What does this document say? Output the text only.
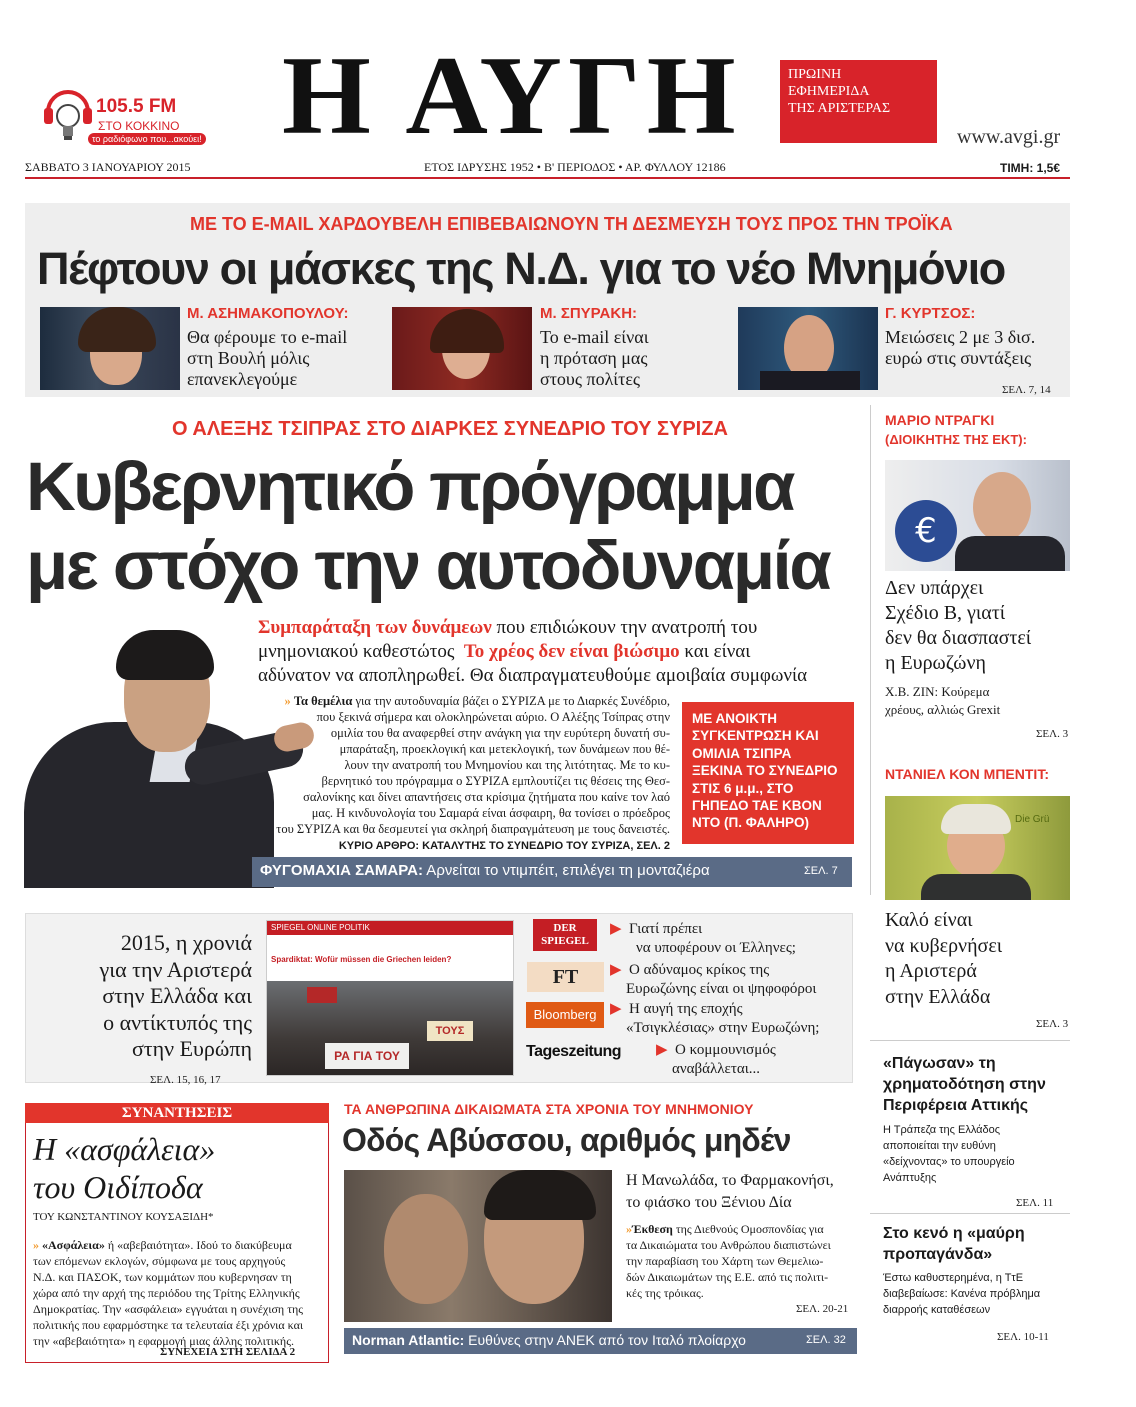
105.5 FM
ΣΤΟ ΚΟΚΚΙΝΟ
το ραδιόφωνο που...ακούει! Η ΑΥΓΗ	ΠΡΩΙΝΗ
ΕΦΗΜΕΡΙΔΑ
ΤΗΣ ΑΡΙΣΤΕΡΑΣ
www.avgi.gr
ΣΑΒΒΑΤΟ 3 ΙΑΝΟΥΑΡΙΟΥ 2015	ΕΤΟΣ ΙΔΡΥΣΗΣ 1952 • Β' ΠΕΡΙΟΔΟΣ • ΑΡ. ΦΥΛΛΟΥ 12186	ΤΙΜΗ: 1,5€
ΜΕ ΤΟ E-MAIL ΧΑΡΔΟΥΒΕΛΗ ΕΠΙΒΕΒΑΙΩΝΟΥΝ ΤΗ ΔΕΣΜΕΥΣΗ ΤΟΥΣ ΠΡΟΣ ΤΗΝ ΤΡΟΪΚΑ
Πέφτουν οι μάσκες της Ν.Δ. για το νέο Μνημόνιο
Μ. ΑΣΗΜΑΚΟΠΟΥΛΟΥ:
Θα φέρουμε το e-mail
στη Βουλή μόλις
επανεκλεγούμε
Μ. ΣΠΥΡΑΚΗ:
Το e-mail είναι
η πρόταση μας
στους πολίτες
Γ. ΚΥΡΤΣΟΣ:
Μειώσεις 2 με 3 δισ.
ευρώ στις συντάξεις
ΣΕΛ. 7, 14
Ο ΑΛΕΞΗΣ ΤΣΙΠΡΑΣ ΣΤΟ ΔΙΑΡΚΕΣ ΣΥΝΕΔΡΙΟ ΤΟΥ ΣΥΡΙΖΑ
Κυβερνητικό πρόγραμμα
με στόχο την αυτοδυναμία
Συμπαράταξη των δυνάμεων που επιδιώκουν την ανατροπή του
μνημονιακού καθεστώτος Το χρέος δεν είναι βιώσιμο και είναι
αδύνατον να αποπληρωθεί. Θα διαπραγματευθούμε αμοιβαία συμφωνία
» Τα θεμέλια για την αυτοδυναμία βάζει ο ΣΥΡΙΖΑ με το Διαρκές Συνέδριο,
που ξεκινά σήμερα και ολοκληρώνεται αύριο. Ο Αλέξης Τσίπρας στην
ομιλία του θα αναφερθεί στην ανάγκη για την ευρύτερη δυνατή συ-
μπαράταξη, προεκλογική και μετεκλογική, των δυνάμεων που θέ-
λουν την ανατροπή του Μνημονίου και της λιτότητας. Με το κυ-
βερνητικό του πρόγραμμα ο ΣΥΡΙΖΑ εμπλουτίζει τις θέσεις της Θεσ-
σαλονίκης και δίνει απαντήσεις στα κρίσιμα ζητήματα που καίνε τον λαό
μας. Η κινδυνολογία του Σαμαρά είναι άσφαιρη, θα τονίσει ο πρόεδρος
του ΣΥΡΙΖΑ και θα δεσμευτεί για σκληρή διαπραγμάτευση με τους δανειστές.
ΚΥΡΙΟ ΑΡΘΡΟ: ΚΑΤΑΛΥΤΗΣ ΤΟ ΣΥΝΕΔΡΙΟ ΤΟΥ ΣΥΡΙΖΑ, ΣΕΛ. 2
ΜΕ ΑΝΟΙΚΤΗ
ΣΥΓΚΕΝΤΡΩΣΗ ΚΑΙ
ΟΜΙΛΙΑ ΤΣΙΠΡΑ
ΞΕΚΙΝΑ ΤΟ ΣΥΝΕΔΡΙΟ
ΣΤΙΣ 6 μ.μ., ΣΤΟ
ΓΗΠΕΔΟ ΤΑΕ ΚΒΟΝ
ΝΤΟ (Π. ΦΑΛΗΡΟ)
ΦΥΓΟΜΑΧΙΑ ΣΑΜΑΡΑ: Αρνείται το ντιμπέιτ, επιλέγει τη μονταζιέρα	ΣΕΛ. 7
ΜΑΡΙΟ ΝΤΡΑΓΚΙ
(ΔΙΟΙΚΗΤΗΣ ΤΗΣ ΕΚΤ):
€
Δεν υπάρχει
Σχέδιο Β, γιατί
δεν θα διασπαστεί
η Ευρωζώνη
Χ.Β. ΖΙΝ: Κούρεμα
χρέους, αλλιώς Grexit
ΣΕΛ. 3
ΝΤΑΝΙΕΛ ΚΟΝ ΜΠΕΝΤΙΤ:
Die Grü
Καλό είναι
να κυβερνήσει
η Αριστερά
στην Ελλάδα
ΣΕΛ. 3
«Πάγωσαν» τη
χρηματοδότηση στην
Περιφέρεια Αττικής
Η Τράπεζα της Ελλάδος
αποποιείται την ευθύνη
«δείχνοντας» το υπουργείο
Ανάπτυξης
ΣΕΛ. 11
Στο κενό η «μαύρη
προπαγάνδα»
Έστω καθυστερημένα, η ΤτΕ
διαβεβαίωσε: Κανένα πρόβλημα
διαρροής καταθέσεων
ΣΕΛ. 10-11
2015, η χρονιά
για την Αριστερά
στην Ελλάδα και
ο αντίκτυπός της
στην Ευρώπη
ΣΕΛ. 15, 16, 17
SPIEGEL ONLINE POLITIK
Spardiktat: Wofür müssen die Griechen leiden?
ΡΑ ΓΙΑ ΤΟΥ
ΤΟΥΣ
DER SPIEGEL
FT
Bloomberg
Tageszeitung
▶ Γιατί πρέπει
να υποφέρουν οι Έλληνες;
▶ Ο αδύναμος κρίκος της
Ευρωζώνης είναι οι ψηφοφόροι
▶ Η αυγή της εποχής
«Τσιγκλέσιας» στην Ευρωζώνη;
▶ Ο κομμουνισμός
αναβάλλεται...
ΣΥΝΑΝΤΗΣΕΙΣ
Η «ασφάλεια»
του Οιδίποδα
ΤΟΥ ΚΩΝΣΤΑΝΤΙΝΟΥ ΚΟΥΣΑΞΙΔΗ*
» «Ασφάλεια» ή «αβεβαιότητα». Ιδού το διακύβευμα
των επόμενων εκλογών, σύμφωνα με τους αρχηγούς
Ν.Δ. και ΠΑΣΟΚ, των κομμάτων που κυβερνησαν τη
χώρα από την αρχή της περιόδου της Τρίτης Ελληνικής
Δημοκρατίας. Την «ασφάλεια» εγγυάται η συνέχιση της
πολιτικής που εφαρμόστηκε τα τελευταία έξι χρόνια και
την «αβεβαιότητα» η εφαρμογή μιας άλλης πολιτικής.
ΣΥΝΕΧΕΙΑ ΣΤΗ ΣΕΛΙΔΑ 2
ΤΑ ΑΝΘΡΩΠΙΝΑ ΔΙΚΑΙΩΜΑΤΑ ΣΤΑ ΧΡΟΝΙΑ ΤΟΥ ΜΝΗΜΟΝΙΟΥ
Οδός Αβύσσου, αριθμός μηδέν
Η Μανωλάδα, το Φαρμακονήσι,
το φιάσκο του Ξένιου Δία
»Έκθεση της Διεθνούς Ομοσπονδίας για
τα Δικαιώματα του Ανθρώπου διαπιστώνει
την παραβίαση του Χάρτη των Θεμελιω-
δών Δικαιωμάτων της Ε.Ε. από τις πολιτι-
κές της τρόικας.
ΣΕΛ. 20-21
Norman Atlantic: Ευθύνες στην ΑΝΕΚ από τον Ιταλό πλοίαρχο	ΣΕΛ. 32
